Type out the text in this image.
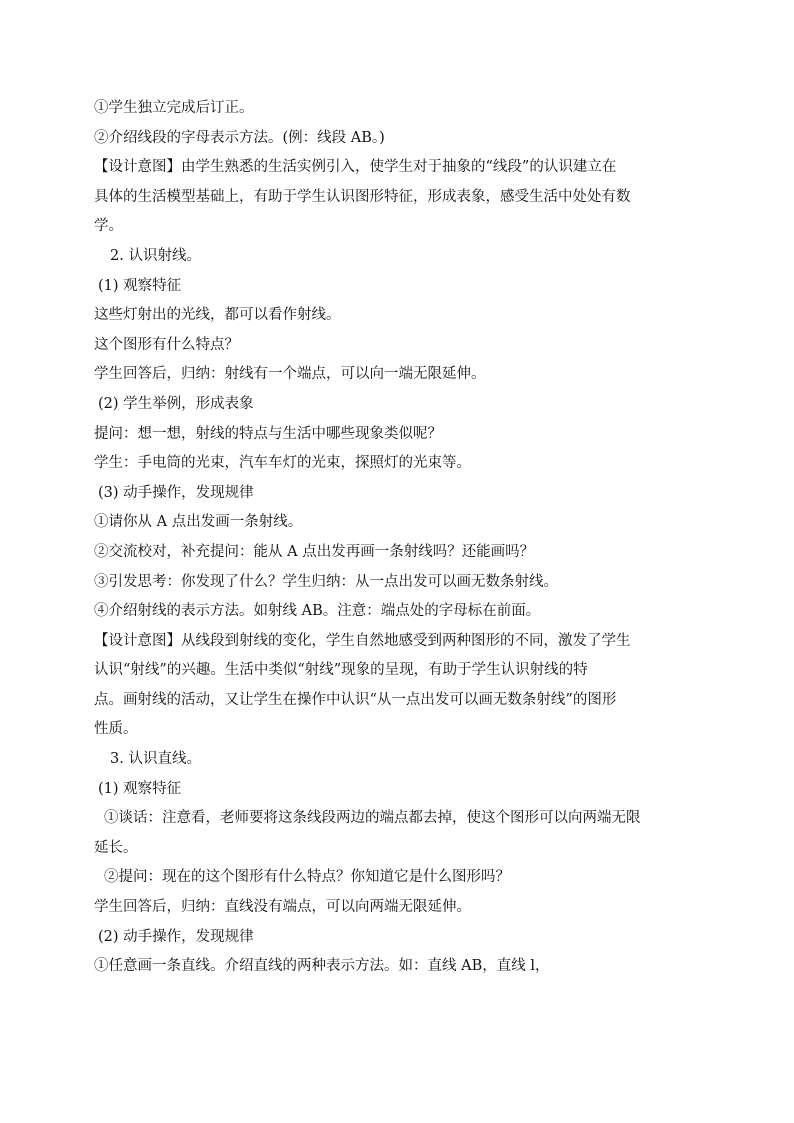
①学生独立完成后订正。
②介绍线段的字母表示方法。(例：线段 AB。)
【设计意图】由学生熟悉的生活实例引入，使学生对于抽象的“线段”的认识建立在
具体的生活模型基础上，有助于学生认识图形特征，形成表象，感受生活中处处有数
学。
2. 认识射线。
(1) 观察特征
这些灯射出的光线，都可以看作射线。
这个图形有什么特点？
学生回答后，归纳：射线有一个端点，可以向一端无限延伸。
(2) 学生举例，形成表象
提问：想一想，射线的特点与生活中哪些现象类似呢？
学生：手电筒的光束，汽车车灯的光束，探照灯的光束等。
(3) 动手操作，发现规律
①请你从 A 点出发画一条射线。
②交流校对，补充提问：能从 A 点出发再画一条射线吗？还能画吗？
③引发思考：你发现了什么？学生归纳：从一点出发可以画无数条射线。
④介绍射线的表示方法。如射线 AB。注意：端点处的字母标在前面。
【设计意图】从线段到射线的变化，学生自然地感受到两种图形的不同，激发了学生
认识“射线”的兴趣。生活中类似“射线”现象的呈现，有助于学生认识射线的特
点。画射线的活动，又让学生在操作中认识“从一点出发可以画无数条射线”的图形
性质。
3. 认识直线。
(1) 观察特征
①谈话：注意看，老师要将这条线段两边的端点都去掉，使这个图形可以向两端无限
延长。
②提问：现在的这个图形有什么特点？你知道它是什么图形吗？
学生回答后，归纳：直线没有端点，可以向两端无限延伸。
(2) 动手操作，发现规律
①任意画一条直线。介绍直线的两种表示方法。如：直线 AB，直线 l，
